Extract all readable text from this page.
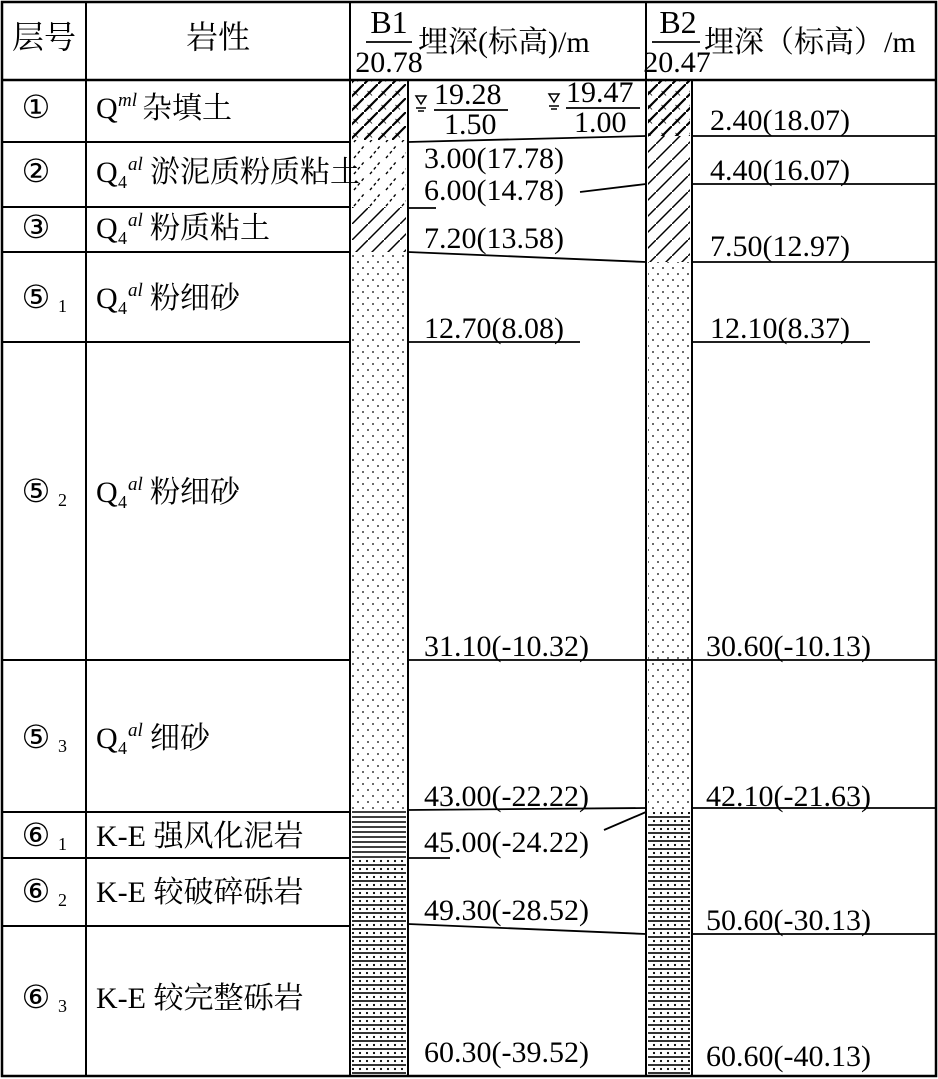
层号	岩性	B1
20.78
埋深(标高)/m
B2
20.47
埋深（标高）/m
① Q ml 杂填土
② Q 4
al 淤泥质粉质粘土
③ Q 4
al 粉质粘土
⑤ 1 Q 4
al 粉细砂
⑤ 2 Q 4
al 粉细砂
⑤ 3 Q 4
al 细砂
⑥ 1 K-E 强风化泥岩
⑥ 2 K-E 较破碎砾岩
⑥ 3 K-E 较完整砾岩
19.28
1.50
19.47
1.00
3.00(17.78)
6.00(14.78)
7.20(13.58)
12.70(8.08)
31.10(-10.32)
43.00(-22.22)
45.00(-24.22)
49.30(-28.52)
60.30(-39.52)
2.40(18.07)
4.40(16.07)
7.50(12.97)
12.10(8.37)
30.60(-10.13)
42.10(-21.63)
50.60(-30.13)
60.60(-40.13)
